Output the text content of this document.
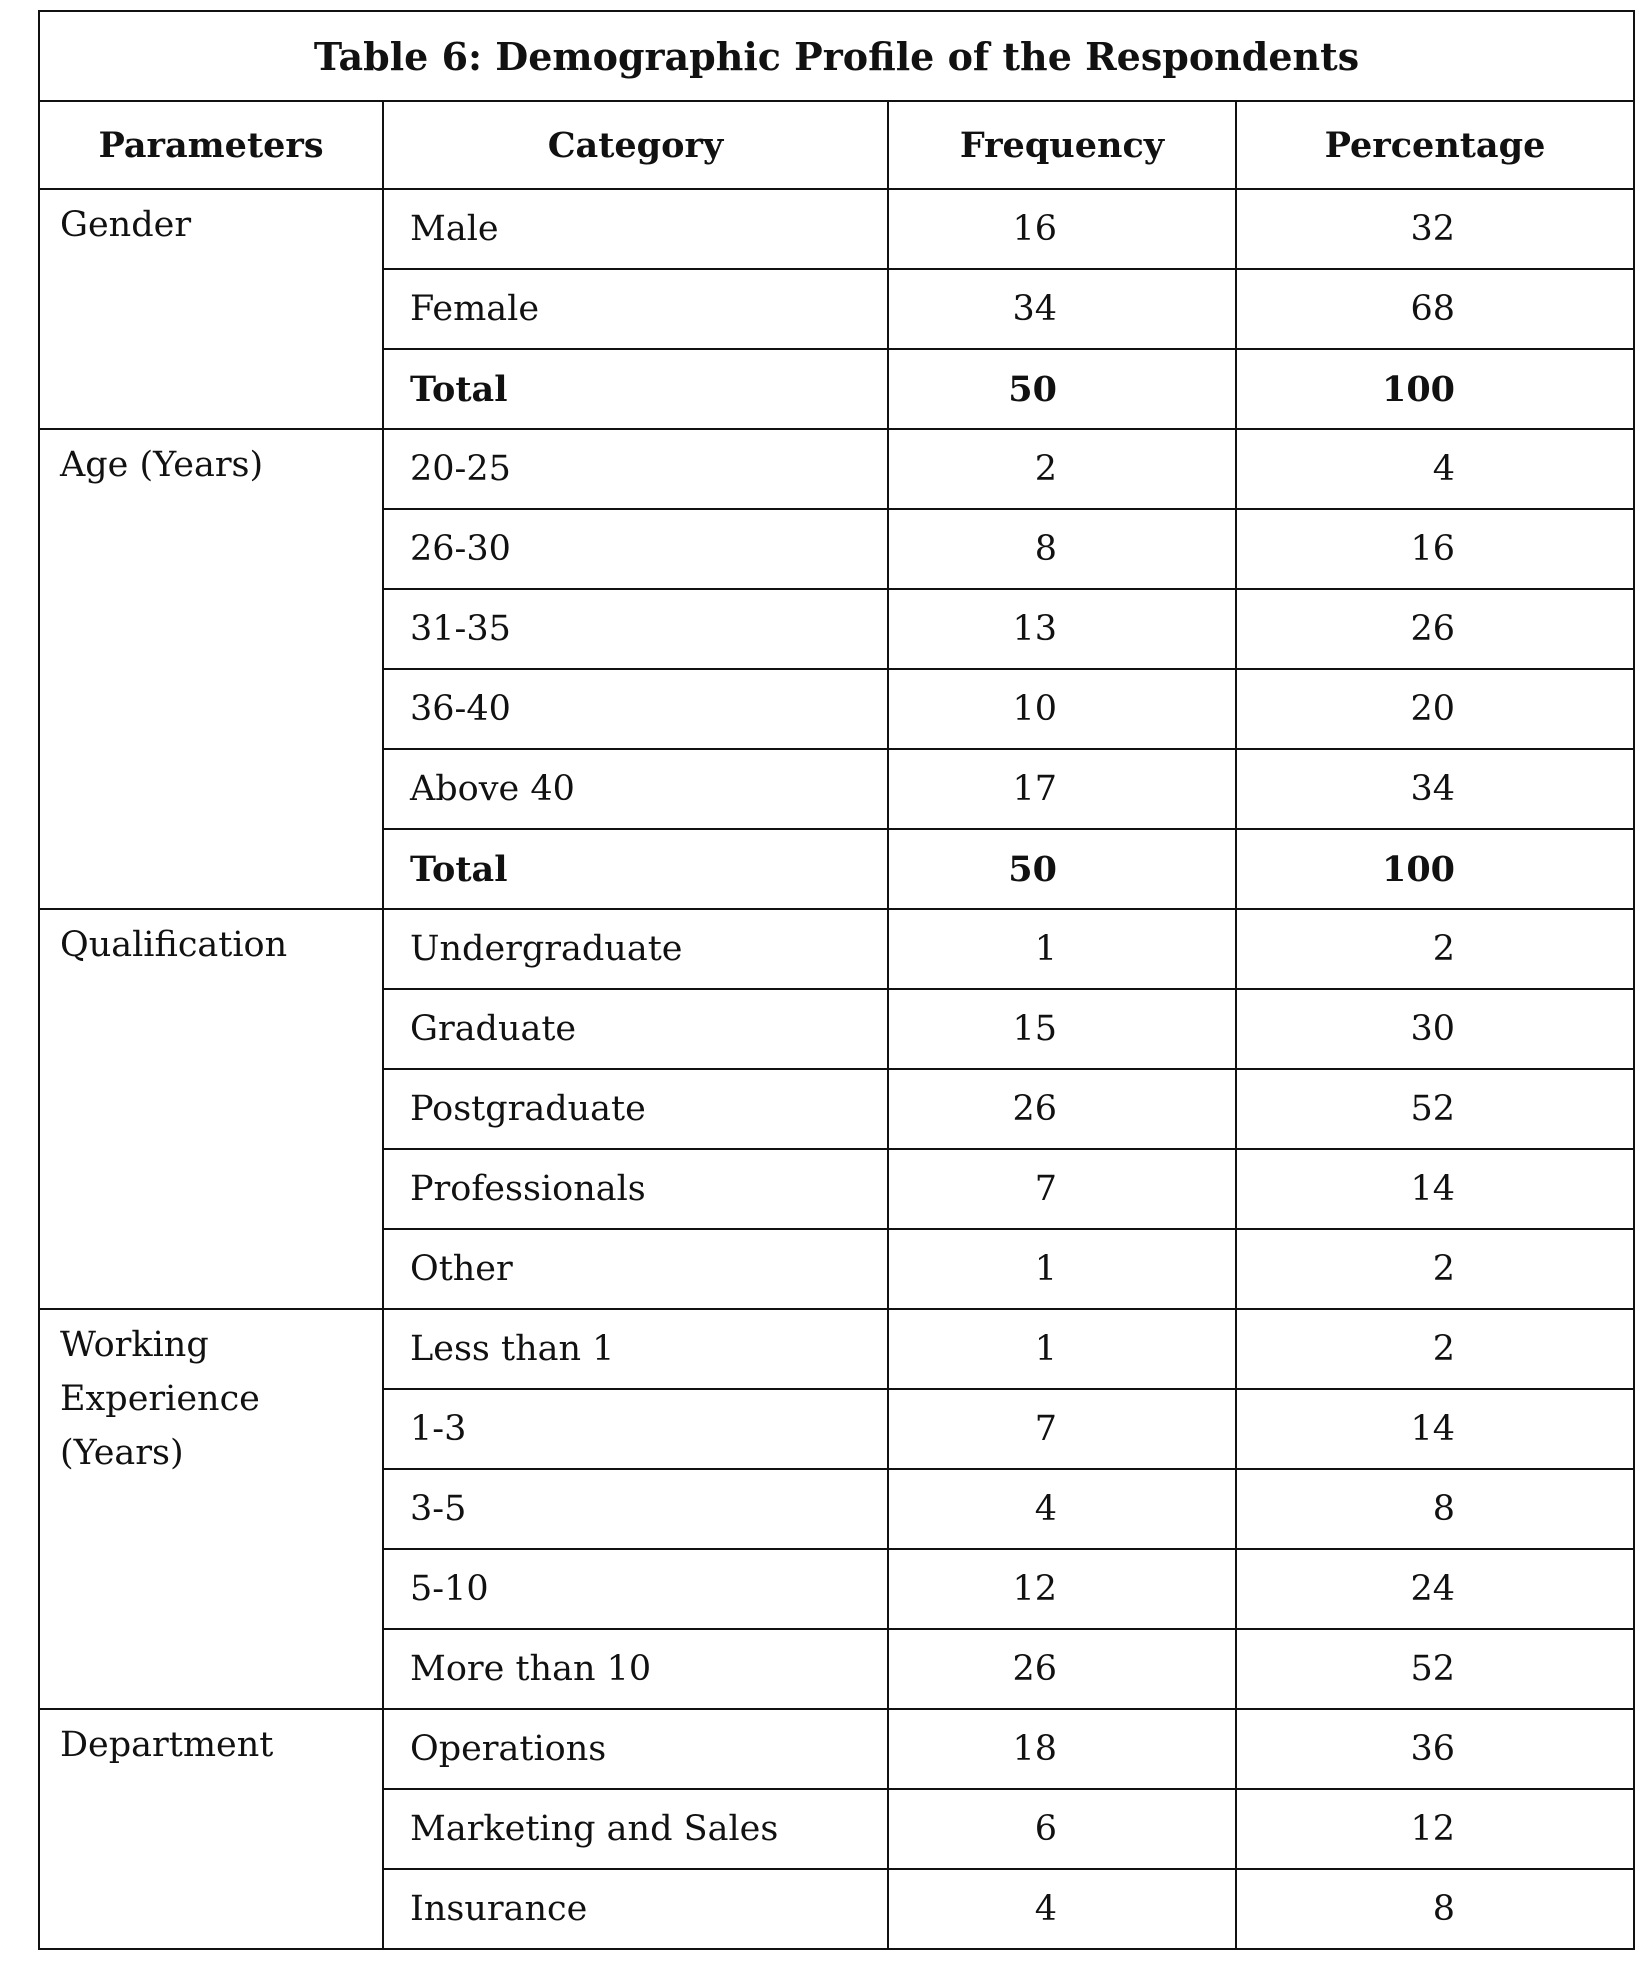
Table 6: Demographic Profile of the Respondents			
Parameters	Category	Frequency	Percentage

Gender	Male	16	32
	Female	34	68
	Total	50	100

Age (Years)	20-25	2	4
	26-30	8	16
	31-35	13	26
	36-40	10	20
	Above 40	17	34
	Total	50	100

Qualification	Undergraduate	1	2
	Graduate	15	30
	Postgraduate	26	52
	Professionals	7	14
	Other	1	2

Working Experience (Years)	Less than 1	1	2
	1-3	7	14
	3-5	4	8
	5-10	12	24
	More than 10	26	52

Department	Operations	18	36
	Marketing and Sales	6	12
	Insurance	4	8
